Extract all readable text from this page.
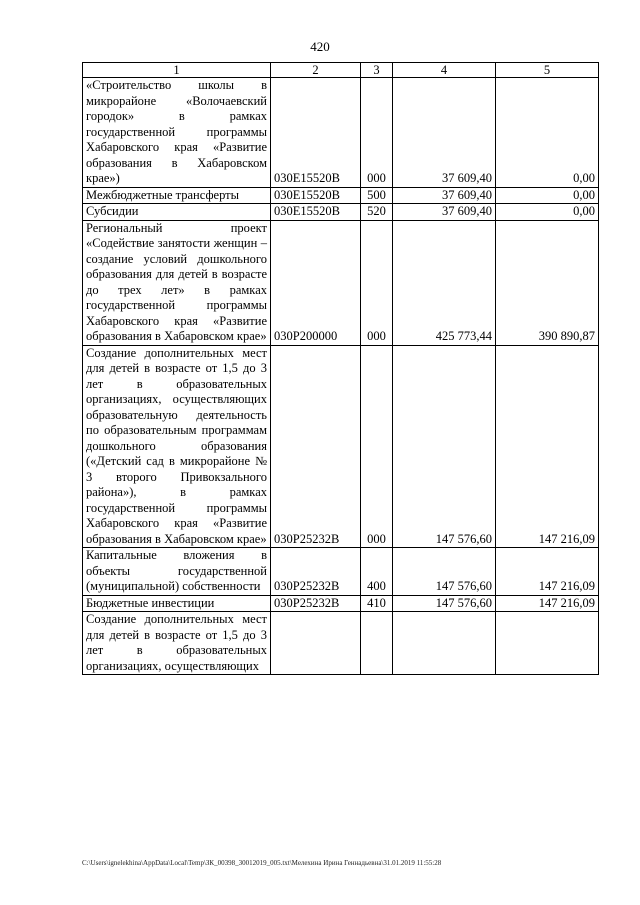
420
1	2	3	4	5
«Строительство школы в микрорайоне «Волочаевский городок» в рамках государственной программы Хабаровского края «Развитие образования в Хабаровском крае»)	030E15520B	000	37 609,40	0,00
Межбюджетные трансферты	030E15520B	500	37 609,40	0,00
Субсидии	030E15520B	520	37 609,40	0,00
Региональный проект «Содействие занятости женщин – создание условий дошкольного образования для детей в возрасте до трех лет» в рамках государственной программы Хабаровского края «Развитие образования в Хабаровском крае»	030P200000	000	425 773,44	390 890,87
Создание дополнительных мест для детей в возрасте от 1,5 до 3 лет в образовательных организациях, осуществляющих образовательную деятельность по образовательным программам дошкольного образования («Детский сад в микрорайоне № 3 второго Привокзального района»), в рамках государственной программы Хабаровского края «Развитие образования в Хабаровском крае»	030P25232B	000	147 576,60	147 216,09
Капитальные вложения в объекты государственной (муниципальной) собственности	030P25232B	400	147 576,60	147 216,09
Бюджетные инвестиции	030P25232B	410	147 576,60	147 216,09
Создание дополнительных мест для детей в возрасте от 1,5 до 3 лет в образовательных организациях, осуществляющих				
C:\Users\ignelekhina\AppData\Local\Temp\ЗК_00398_30012019_005.txt\Мелехина Ирина Геннадьевна\31.01.2019 11:55:28
